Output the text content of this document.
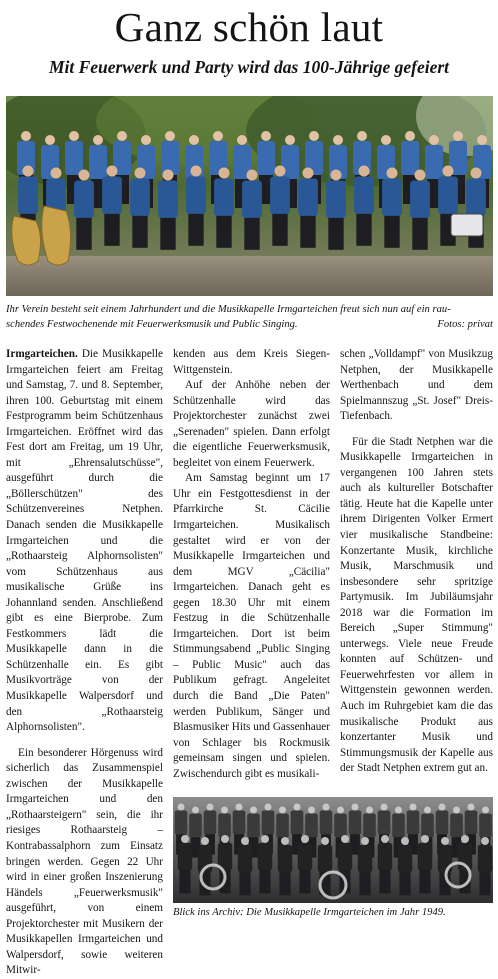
Ganz schön laut
Mit Feuerwerk und Party wird das 100-Jährige gefeiert
Ihr Verein besteht seit einem Jahrhundert und die Musikkapelle Irmgarteichen freut sich nun auf ein rau-
schendes Festwochenende mit Feuerwerksmusik und Public Singing.	Fotos: privat

Irmgarteichen. Die Musikkapelle Irmgarteichen feiert am Freitag und Samstag, 7. und 8. September, ihren 100. Geburtstag mit einem Festprogramm beim Schützenhaus Irmgarteichen. Eröffnet wird das Fest dort am Freitag, um 19 Uhr, mit „Ehrensalutschüsse", ausgeführt durch die „Böllerschützen" des Schützenvereines Netphen. Danach senden die Musikkapelle Irmgarteichen und die „Rothaarsteig Alphornsolisten" vom Schützenhaus aus musikalische Grüße ins Johannland senden. Anschließend gibt es eine Bierprobe. Zum Festkommers lädt die Musikkapelle dann in die Schützenhalle ein. Es gibt Musikvorträge von der Musikkapelle Walpersdorf und den „Rothaarsteig Alphornsolisten".

Ein besonderer Hörgenuss wird sicherlich das Zusammenspiel zwischen der Musikkapelle Irmgarteichen und den „Rothaarsteigern" sein, die ihr riesiges Rothaarsteig – Kontrabassalphorn zum Einsatz bringen werden. Gegen 22 Uhr wird in einer großen Inszenierung Händels „Feuerwerksmusik" ausgeführt, von einem Projektorchester mit Musikern der Musikkapellen Irmgarteichen und Walpersdorf, sowie weiteren Mitwir-

kenden aus dem Kreis Siegen-Wittgenstein.

Auf der Anhöhe neben der Schützenhalle wird das Projektorchester zunächst zwei „Serenaden" spielen. Dann erfolgt die eigentliche Feuerwerksmusik, begleitet von einem Feuerwerk.

Am Samstag beginnt um 17 Uhr ein Festgottesdienst in der Pfarrkirche St. Cäcilie Irmgarteichen. Musikalisch gestaltet wird er von der Musikkapelle Irmgarteichen und dem MGV „Cäcilia" Irmgarteichen. Danach geht es gegen 18.30 Uhr mit einem Festzug in die Schützenhalle Irmgarteichen. Dort ist beim Stimmungsabend „Public Singing – Public Music" auch das Publikum gefragt. Angeleitet durch die Band „Die Paten" werden Publikum, Sänger und Blasmusiker Hits und Gassenhauer von Schlager bis Rockmusik gemeinsam singen und spielen. Zwischendurch gibt es musikali-

schen „Volldampf" von Musikzug Netphen, der Musikkapelle Werthenbach und dem Spielmannszug „St. Josef" Dreis-Tiefenbach.

Für die Stadt Netphen war die Musikkapelle Irmgarteichen in vergangenen 100 Jahren stets auch als kultureller Botschafter tätig. Heute hat die Kapelle unter ihrem Dirigenten Volker Ermert vier musikalische Standbeine: Konzertante Musik, kirchliche Musik, Marschmusik und insbesondere sehr spritzige Partymusik. Im Jubiläumsjahr 2018 war die Formation im Bereich „Super Stimmung" unterwegs. Viele neue Freude konnten auf Schützen- und Feuerwehrfesten vor allem in Wittgenstein gewonnen werden. Auch im Ruhrgebiet kam die das musikalische Produkt aus konzertanter Musik und Stimmungsmusik der Kapelle aus der Stadt Netphen extrem gut an.

Blick ins Archiv: Die Musikkapelle Irmgarteichen im Jahr 1949.
